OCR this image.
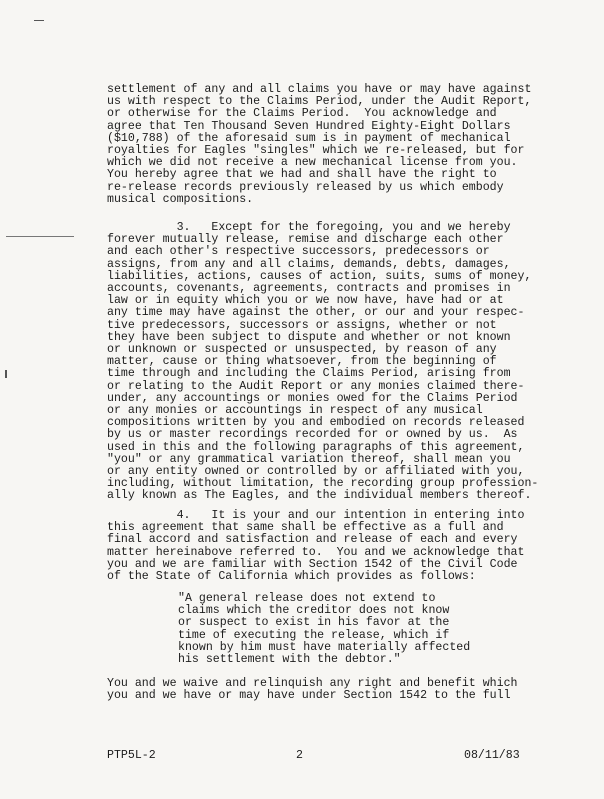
settlement of any and all claims you have or may have against
us with respect to the Claims Period, under the Audit Report,
or otherwise for the Claims Period.  You acknowledge and
agree that Ten Thousand Seven Hundred Eighty-Eight Dollars
($10,788) of the aforesaid sum is in payment of mechanical
royalties for Eagles "singles" which we re-released, but for
which we did not receive a new mechanical license from you.
You hereby agree that we had and shall have the right to
re-release records previously released by us which embody
musical compositions.
3.   Except for the foregoing, you and we hereby
forever mutually release, remise and discharge each other
and each other's respective successors, predecessors or
assigns, from any and all claims, demands, debts, damages,
liabilities, actions, causes of action, suits, sums of money,
accounts, covenants, agreements, contracts and promises in
law or in equity which you or we now have, have had or at
any time may have against the other, or our and your respec-
tive predecessors, successors or assigns, whether or not
they have been subject to dispute and whether or not known
or unknown or suspected or unsuspected, by reason of any
matter, cause or thing whatsoever, from the beginning of
time through and including the Claims Period, arising from
or relating to the Audit Report or any monies claimed there-
under, any accountings or monies owed for the Claims Period
or any monies or accountings in respect of any musical
compositions written by you and embodied on records released
by us or master recordings recorded for or owned by us.  As
used in this and the following paragraphs of this agreement,
"you" or any grammatical variation thereof, shall mean you
or any entity owned or controlled by or affiliated with you,
including, without limitation, the recording group profession-
ally known as The Eagles, and the individual members thereof.
4.   It is your and our intention in entering into
this agreement that same shall be effective as a full and
final accord and satisfaction and release of each and every
matter hereinabove referred to.  You and we acknowledge that
you and we are familiar with Section 1542 of the Civil Code
of the State of California which provides as follows:
"A general release does not extend to
claims which the creditor does not know
or suspect to exist in his favor at the
time of executing the release, which if
known by him must have materially affected
his settlement with the debtor."
You and we waive and relinquish any right and benefit which
you and we have or may have under Section 1542 to the full
PTP5L-2	2	08/11/83
